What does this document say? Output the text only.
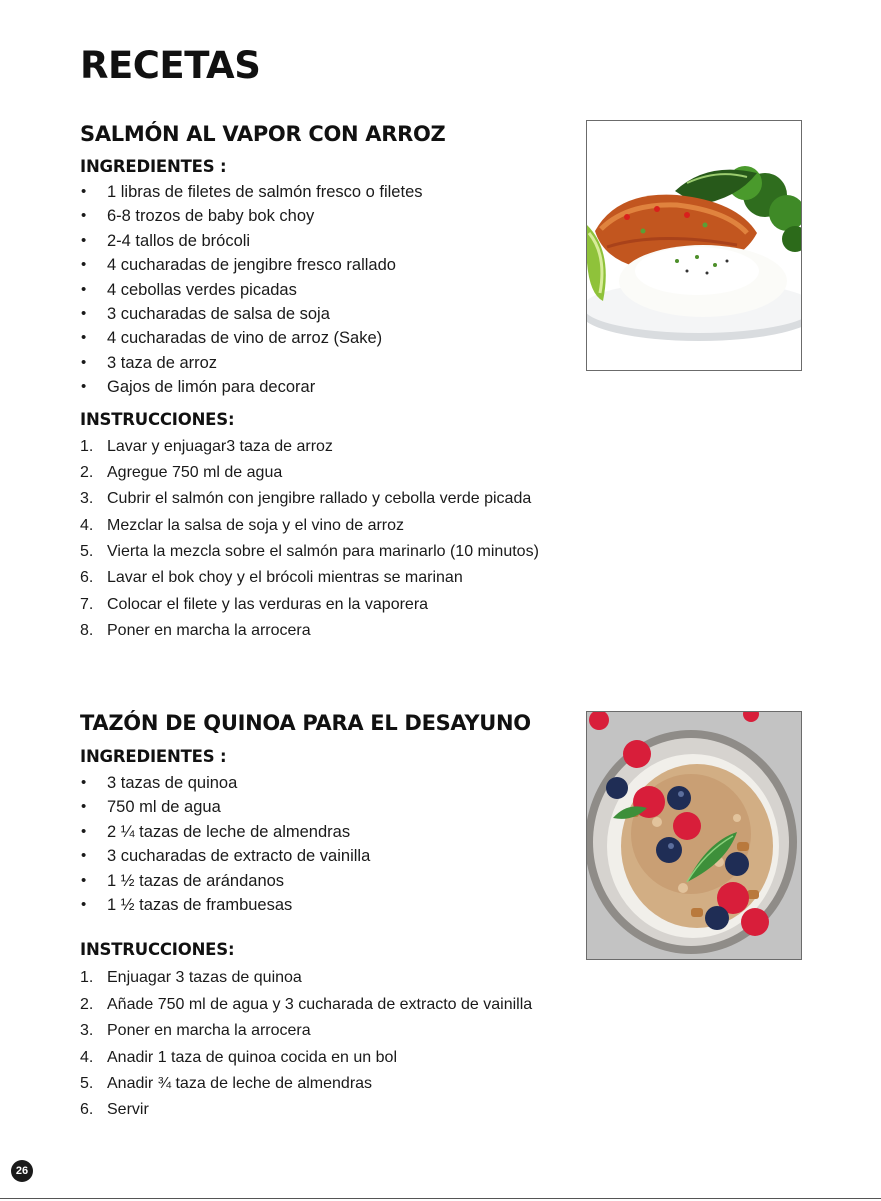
RECETAS
SALMÓN AL VAPOR CON ARROZ
INGREDIENTES :
• 1 libras de filetes de salmón fresco o filetes
• 6-8 trozos de baby bok choy
• 2-4 tallos de brócoli
• 4 cucharadas de jengibre fresco rallado
• 4 cebollas verdes picadas
• 3 cucharadas de salsa de soja
• 4 cucharadas de vino de arroz (Sake)
• 3 taza de arroz
• Gajos de limón para decorar
INSTRUCCIONES:
1. Lavar y enjuagar3 taza de arroz
2. Agregue 750 ml de agua
3. Cubrir el salmón con jengibre rallado y cebolla verde picada
4. Mezclar la salsa de soja y el vino de arroz
5. Vierta la mezcla sobre el salmón para marinarlo (10 minutos)
6. Lavar el bok choy y el brócoli mientras se marinan
7. Colocar el filete y las verduras en la vaporera
8. Poner en marcha la arrocera
TAZÓN DE QUINOA PARA EL DESAYUNO
INGREDIENTES :
• 3 tazas de quinoa
• 750 ml de agua
• 2 ¼ tazas de leche de almendras
• 3 cucharadas de extracto de vainilla
• 1 ½ tazas de arándanos
• 1 ½ tazas de frambuesas
INSTRUCCIONES:
1. Enjuagar 3 tazas de quinoa
2. Añade 750 ml de agua y 3 cucharada de extracto de vainilla
3. Poner en marcha la arrocera
4. Anadir 1 taza de quinoa cocida en un bol
5. Anadir ¾ taza de leche de almendras
6. Servir
26
